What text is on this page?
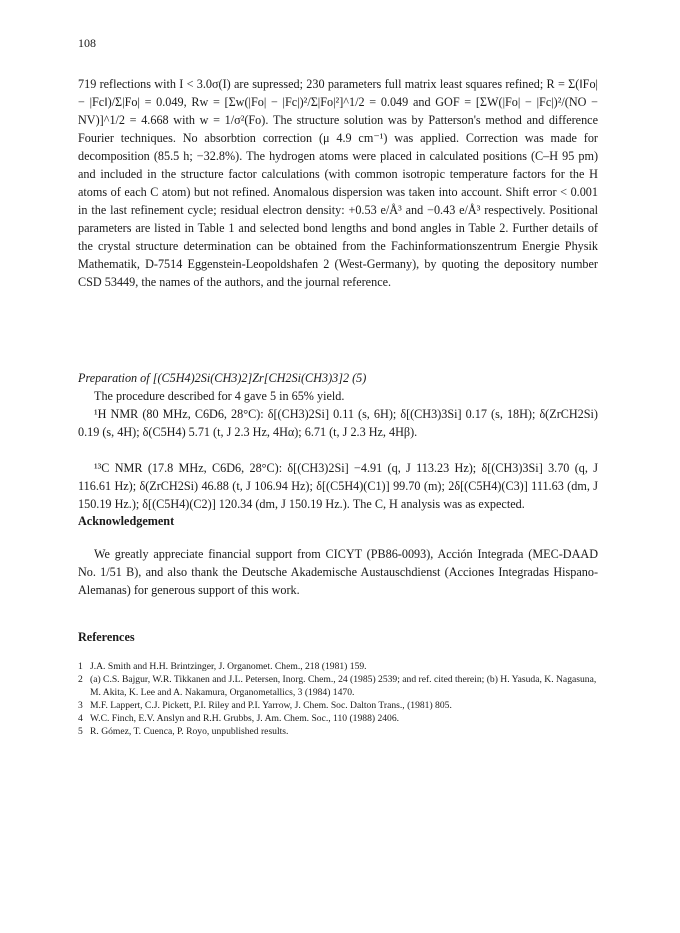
108

719 reflections with I < 3.0σ(I) are supressed; 230 parameters full matrix least squares refined; R = Σ(‖Fo| − |Fc‖)/Σ|Fo| = 0.049, Rw = [Σw(|Fo| − |Fc|)²/Σ|Fo|²]^1/2 = 0.049 and GOF = [ΣW(|Fo| − |Fc|)²/(NO − NV)]^1/2 = 4.668 with w = 1/σ²(Fo). The structure solution was by Patterson's method and difference Fourier techniques. No absorbtion correction (μ 4.9 cm⁻¹) was applied. Correction was made for decomposition (85.5 h; −32.8%). The hydrogen atoms were placed in calculated positions (C–H 95 pm) and included in the structure factor calculations (with common isotropic temperature factors for the H atoms of each C atom) but not refined. Anomalous dispersion was taken into account. Shift error < 0.001 in the last refinement cycle; residual electron density: +0.53 e/Å³ and −0.43 e/Å³ respectively. Positional parameters are listed in Table 1 and selected bond lengths and bond angles in Table 2. Further details of the crystal structure determination can be obtained from the Fachinformationszentrum Energie Physik Mathematik, D-7514 Eggenstein-Leopoldshafen 2 (West-Germany), by quoting the depository number CSD 53449, the names of the authors, and the journal reference.

Preparation of [(C5H4)2Si(CH3)2]Zr[CH2Si(CH3)3]2 (5)

The procedure described for 4 gave 5 in 65% yield.

¹H NMR (80 MHz, C6D6, 28°C): δ[(CH3)2Si] 0.11 (s, 6H); δ[(CH3)3Si] 0.17 (s, 18H); δ(ZrCH2Si) 0.19 (s, 4H); δ(C5H4) 5.71 (t, J 2.3 Hz, 4Hα); 6.71 (t, J 2.3 Hz, 4Hβ).

¹³C NMR (17.8 MHz, C6D6, 28°C): δ[(CH3)2Si] −4.91 (q, J 113.23 Hz); δ[(CH3)3Si] 3.70 (q, J 116.61 Hz); δ(ZrCH2Si) 46.88 (t, J 106.94 Hz); δ[(C5H4)(C1)] 99.70 (m); 2δ[(C5H4)(C3)] 111.63 (dm, J 150.19 Hz.); δ[(C5H4)(C2)] 120.34 (dm, J 150.19 Hz.). The C, H analysis was as expected.

Acknowledgement

We greatly appreciate financial support from CICYT (PB86-0093), Acción Integrada (MEC-DAAD No. 1/51 B), and also thank the Deutsche Akademische Austauschdienst (Acciones Integradas Hispano-Alemanas) for generous support of this work.

References
1 J.A. Smith and H.H. Brintzinger, J. Organomet. Chem., 218 (1981) 159.
2 (a) C.S. Bajgur, W.R. Tikkanen and J.L. Petersen, Inorg. Chem., 24 (1985) 2539; and ref. cited therein; (b) H. Yasuda, K. Nagasuna, M. Akita, K. Lee and A. Nakamura, Organometallics, 3 (1984) 1470.
3 M.F. Lappert, C.J. Pickett, P.I. Riley and P.I. Yarrow, J. Chem. Soc. Dalton Trans., (1981) 805.
4 W.C. Finch, E.V. Anslyn and R.H. Grubbs, J. Am. Chem. Soc., 110 (1988) 2406.
5 R. Gómez, T. Cuenca, P. Royo, unpublished results.
